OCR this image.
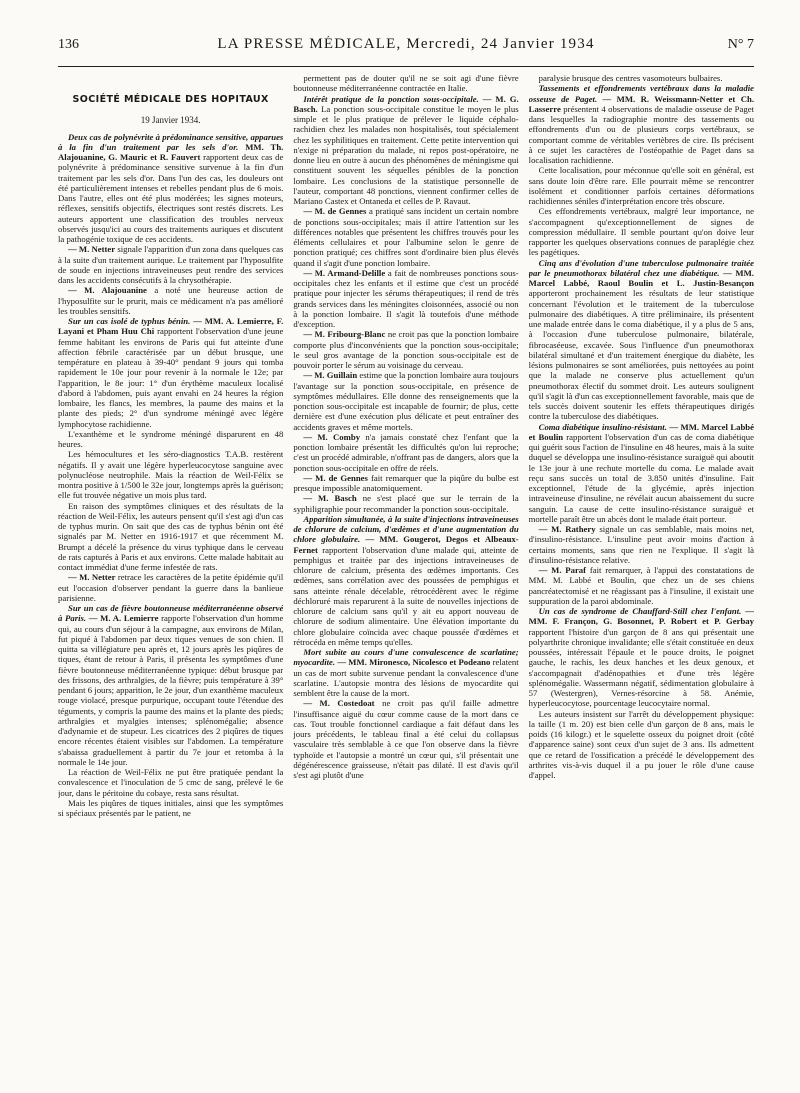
136	LA PRESSE MÉDICALE, Mercredi, 24 Janvier 1934	N° 7
SOCIÉTÉ MÉDICALE DES HOPITAUX
19 Janvier 1934.

Deux cas de polynévrite à prédominance sensitive, apparues à la fin d'un traitement par les sels d'or. MM. Th. Alajouanine, G. Mauric et R. Fauvert rapportent deux cas de polynévrite à prédominance sensitive survenue à la fin d'un traitement par les sels d'or. Dans l'un des cas, les douleurs ont été particulièrement intenses et rebelles pendant plus de 6 mois. Dans l'autre, elles ont été plus modérées; les signes moteurs, réflexes, sensitifs objectifs, électriques sont restés discrets. Les auteurs apportent une classification des troubles nerveux observés jusqu'ici au cours des traitements auriques et discutent la pathogénie toxique de ces accidents.

— M. Netter signale l'apparition d'un zona dans quelques cas à la suite d'un traitement aurique. Le traitement par l'hyposulfite de soude en injections intraveineuses peut rendre des services dans les accidents consécutifs à la chrysothérapie.

— M. Alajouanine a noté une heureuse action de l'hyposulfite sur le prurit, mais ce médicament n'a pas amélioré les troubles sensitifs.

Sur un cas isolé de typhus bénin. — MM. A. Lemierre, F. Layani et Pham Huu Chi rapportent l'observation d'une jeune femme habitant les environs de Paris qui fut atteinte d'une affection fébrile caractérisée par un début brusque, une température en plateau à 39-40° pendant 9 jours qui tomba rapidement le 10e jour pour revenir à la normale le 12e; par l'apparition, le 8e jour: 1° d'un érythème maculeux localisé d'abord à l'abdomen, puis ayant envahi en 24 heures la région lombaire, les flancs, les membres, la paume des mains et la plante des pieds; 2° d'un syndrome méningé avec légère lymphocytose rachidienne.

L'exanthème et le syndrome méningé disparurent en 48 heures.

Les hémocultures et les séro-diagnostics T.A.B. restèrent négatifs. Il y avait une légère hyperleucocytose sanguine avec polynucléose neutrophile. Mais la réaction de Weil-Félix se montra positive à 1/500 le 32e jour, longtemps après la guérison; elle fut trouvée négative un mois plus tard.

En raison des symptômes cliniques et des résultats de la réaction de Weil-Félix, les auteurs pensent qu'il s'est agi d'un cas de typhus murin. On sait que des cas de typhus bénin ont été signalés par M. Netter en 1916-1917 et que récemment M. Brumpt a décelé la présence du virus typhique dans le cerveau de rats capturés à Paris et aux environs. Cette malade habitait au contact immédiat d'une ferme infestée de rats.

— M. Netter retrace les caractères de la petite épidémie qu'il eut l'occasion d'observer pendant la guerre dans la banlieue parisienne.

Sur un cas de fièvre boutonneuse méditerranéenne observé à Paris. — M. A. Lemierre rapporte l'observation d'un homme qui, au cours d'un séjour à la campagne, aux environs de Milan, fut piqué à l'abdomen par deux tiques venues de son chien. Il quitta sa villégiature peu après et, 12 jours après les piqûres de tiques, étant de retour à Paris, il présenta les symptômes d'une fièvre boutonneuse méditerranéenne typique: début brusque par des frissons, des arthralgies, de la fièvre; puis température à 39° pendant 6 jours; apparition, le 2e jour, d'un exanthème maculeux rouge violacé, presque purpurique, occupant toute l'étendue des téguments, y compris la paume des mains et la plante des pieds; arthralgies et myalgies intenses; splénomégalie; absence d'adynamie et de stupeur. Les cicatrices des 2 piqûres de tiques encore récentes étaient visibles sur l'abdomen. La température s'abaissa graduellement à partir du 7e jour et retomba à la normale le 14e jour.

La réaction de Weil-Félix ne put être pratiquée pendant la convalescence et l'inoculation de 5 cmc de sang, prélevé le 6e jour, dans le péritoine du cobaye, resta sans résultat.

Mais les piqûres de tiques initiales, ainsi que les symptômes si spéciaux présentés par le patient, ne

permettent pas de douter qu'il ne se soit agi d'une fièvre boutonneuse méditerranéenne contractée en Italie.

Intérêt pratique de la ponction sous-occipitale. — M. G. Basch. La ponction sous-occipitale constitue le moyen le plus simple et le plus pratique de prélever le liquide céphalo-rachidien chez les malades non hospitalisés, tout spécialement chez les syphilitiques en traitement. Cette petite intervention qui n'exige ni préparation du malade, ni repos post-opératoire, ne donne lieu en outre à aucun des phénomènes de méningisme qui constituent souvent les séquelles pénibles de la ponction lombaire. Les conclusions de la statistique personnelle de l'auteur, comportant 48 ponctions, viennent confirmer celles de Mariano Castex et Ontaneda et celles de P. Ravaut.

— M. de Gennes a pratiqué sans incident un certain nombre de ponctions sous-occipitales; mais il attire l'attention sur les différences notables que présentent les chiffres trouvés pour les éléments cellulaires et pour l'albumine selon le genre de ponction pratiqué; ces chiffres sont d'ordinaire bien plus élevés quand il s'agit d'une ponction lombaire.

— M. Armand-Delille a fait de nombreuses ponctions sous-occipitales chez les enfants et il estime que c'est un procédé pratique pour injecter les sérums thérapeutiques; il rend de très grands services dans les méningites cloisonnées, associé ou non à la ponction lombaire. Il s'agit là toutefois d'une méthode d'exception.

— M. Fribourg-Blanc ne croit pas que la ponction lombaire comporte plus d'inconvénients que la ponction sous-occipitale; le seul gros avantage de la ponction sous-occipitale est de pouvoir porter le sérum au voisinage du cerveau.

— M. Guillain estime que la ponction lombaire aura toujours l'avantage sur la ponction sous-occipitale, en présence de symptômes médullaires. Elle donne des renseignements que la ponction sous-occipitale est incapable de fournir; de plus, cette dernière est d'une exécution plus délicate et peut entraîner des accidents graves et même mortels.

— M. Comby n'a jamais constaté chez l'enfant que la ponction lombaire présentât les difficultés qu'on lui reproche; c'est un procédé admirable, n'offrant pas de dangers, alors que la ponction sous-occipitale en offre de réels.

— M. de Gennes fait remarquer que la piqûre du bulbe est presque impossible anatomiquement.

— M. Basch ne s'est placé que sur le terrain de la syphiligraphie pour recommander la ponction sous-occipitale.

Apparition simultanée, à la suite d'injections intraveineuses de chlorure de calcium, d'œdèmes et d'une augmentation du chlore globulaire. — MM. Gougerot, Degos et Albeaux-Fernet rapportent l'observation d'une malade qui, atteinte de pemphigus et traitée par des injections intraveineuses de chlorure de calcium, présenta des œdèmes importants. Ces œdèmes, sans corrélation avec des poussées de pemphigus et sans atteinte rénale décelable, rétrocédèrent avec le régime déchloruré mais reparurent à la suite de nouvelles injections de chlorure de calcium sans qu'il y ait eu apport nouveau de chlorure de sodium alimentaire. Une élévation importante du chlore globulaire coïncida avec chaque poussée d'œdèmes et rétrocéda en même temps qu'elles.

Mort subite au cours d'une convalescence de scarlatine; myocardite. — MM. Mironesco, Nicolesco et Podeano relatent un cas de mort subite survenue pendant la convalescence d'une scarlatine. L'autopsie montra des lésions de myocardite qui semblent être la cause de la mort.

— M. Costedoat ne croit pas qu'il faille admettre l'insuffisance aiguë du cœur comme cause de la mort dans ce cas. Tout trouble fonctionnel cardiaque a fait défaut dans les jours précédents, le tableau final a été celui du collapsus vasculaire très semblable à ce que l'on observe dans la fièvre typhoïde et l'autopsie a montré un cœur qui, s'il présentait une dégénérescence graisseuse, n'était pas dilaté. Il est d'avis qu'il s'est agi plutôt d'une

paralysie brusque des centres vasomoteurs bulbaires.

Tassements et effondrements vertébraux dans la maladie osseuse de Paget. — MM. R. Weissmann-Netter et Ch. Lasserre présentent 4 observations de maladie osseuse de Paget dans lesquelles la radiographie montre des tassements ou effondrements d'un ou de plusieurs corps vertébraux, se comportant comme de véritables vertèbres de cire. Ils précisent à ce sujet les caractères de l'ostéopathie de Paget dans sa localisation rachidienne.

Cette localisation, pour méconnue qu'elle soit en général, est sans doute loin d'être rare. Elle pourrait même se rencontrer isolément et conditionner parfois certaines déformations rachidiennes séniles d'interprétation encore très obscure.

Ces effondrements vertébraux, malgré leur importance, ne s'accompagnent qu'exceptionnellement de signes de compression médullaire. Il semble pourtant qu'on doive leur rapporter les quelques observations connues de paraplégie chez les pagétiques.

Cinq ans d'évolution d'une tuberculose pulmonaire traitée par le pneumothorax bilatéral chez une diabétique. — MM. Marcel Labbé, Raoul Boulin et L. Justin-Besançon apporteront prochainement les résultats de leur statistique concernant l'évolution et le traitement de la tuberculose pulmonaire des diabétiques. A titre préliminaire, ils présentent une malade entrée dans le coma diabétique, il y a plus de 5 ans, à l'occasion d'une tuberculose pulmonaire, bilatérale, fibrocaséeuse, excavée. Sous l'influence d'un pneumothorax bilatéral simultané et d'un traitement énergique du diabète, les lésions pulmonaires se sont améliorées, puis nettoyées au point que la malade ne conserve plus actuellement qu'un pneumothorax électif du sommet droit. Les auteurs soulignent qu'il s'agit là d'un cas exceptionnellement favorable, mais que de tels succès doivent soutenir les effets thérapeutiques dirigés contre la tuberculose des diabétiques.

Coma diabétique insulino-résistant. — MM. Marcel Labbé et Boulin rapportent l'observation d'un cas de coma diabétique qui guérit sous l'action de l'insuline en 48 heures, mais à la suite duquel se développa une insulino-résistance suraiguë qui aboutit le 13e jour à une rechute mortelle du coma. Le malade avait reçu sans succès un total de 3.850 unités d'insuline. Fait exceptionnel, l'étude de la glycémie, après injection intraveineuse d'insuline, ne révélait aucun abaissement du sucre sanguin. La cause de cette insulino-résistance suraiguë et mortelle paraît être un abcès dont le malade était porteur.

— M. Rathery signale un cas semblable, mais moins net, d'insulino-résistance. L'insuline peut avoir moins d'action à certains moments, sans que rien ne l'explique. Il s'agit là d'insulino-résistance relative.

— M. Paraf fait remarquer, à l'appui des constatations de MM. M. Labbé et Boulin, que chez un de ses chiens pancréatectomisé et ne réagissant pas à l'insuline, il existait une suppuration de la paroi abdominale.

Un cas de syndrome de Chauffard-Still chez l'enfant. — MM. F. Françon, G. Bosonnet, P. Robert et P. Gerbay rapportent l'histoire d'un garçon de 8 ans qui présentait une polyarthrite chronique invalidante; elle s'était constituée en deux poussées, intéressait l'épaule et le pouce droits, le poignet gauche, le rachis, les deux hanches et les deux genoux, et s'accompagnait d'adénopathies et d'une très légère splénomégalie. Wassermann négatif, sédimentation globulaire à 57 (Westergren), Vernes-résorcine à 58. Anémie, hyperleucocytose, pourcentage leucocytaire normal.

Les auteurs insistent sur l'arrêt du développement physique: la taille (1 m. 20) est bien celle d'un garçon de 8 ans, mais le poids (16 kilogr.) et le squelette osseux du poignet droit (côté d'apparence saine) sont ceux d'un sujet de 3 ans. Ils admettent que ce retard de l'ossification a précédé le développement des arthrites vis-à-vis duquel il a pu jouer le rôle d'une cause d'appel.
